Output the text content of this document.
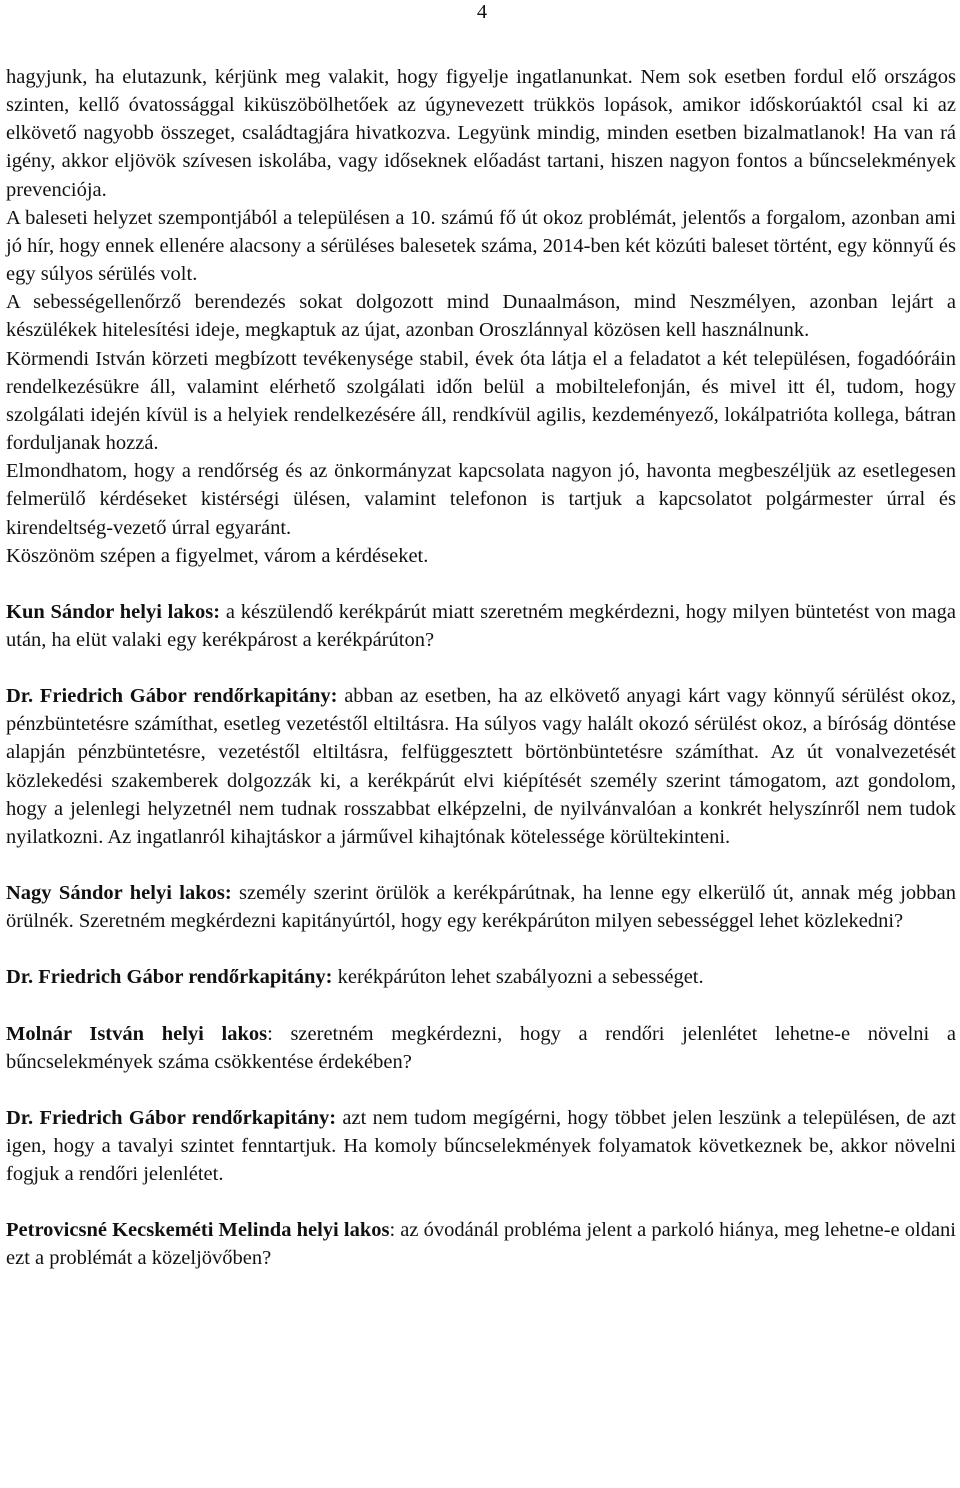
4

hagyjunk, ha elutazunk, kérjünk meg valakit, hogy figyelje ingatlanunkat. Nem sok esetben fordul elő országos szinten, kellő óvatossággal kiküszöbölhetőek az úgynevezett trükkös lopások, amikor időskorúaktól csal ki az elkövető nagyobb összeget, családtagjára hivatkozva. Legyünk mindig, minden esetben bizalmatlanok! Ha van rá igény, akkor eljövök szívesen iskolába, vagy időseknek előadást tartani, hiszen nagyon fontos a bűncselekmények prevenciója.

A baleseti helyzet szempontjából a településen a 10. számú fő út okoz problémát, jelentős a forgalom, azonban ami jó hír, hogy ennek ellenére alacsony a sérüléses balesetek száma, 2014-ben két közúti baleset történt, egy könnyű és egy súlyos sérülés volt.

A sebességellenőrző berendezés sokat dolgozott mind Dunaalmáson, mind Neszmélyen, azonban lejárt a készülékek hitelesítési ideje, megkaptuk az újat, azonban Oroszlánnyal közösen kell használnunk.

Körmendi István körzeti megbízott tevékenysége stabil, évek óta látja el a feladatot a két településen, fogadóóráin rendelkezésükre áll, valamint elérhető szolgálati időn belül a mobiltelefonján, és mivel itt él, tudom, hogy szolgálati idején kívül is a helyiek rendelkezésére áll, rendkívül agilis, kezdeményező, lokálpatrióta kollega, bátran forduljanak hozzá.

Elmondhatom, hogy a rendőrség és az önkormányzat kapcsolata nagyon jó, havonta megbeszéljük az esetlegesen felmerülő kérdéseket kistérségi ülésen, valamint telefonon is tartjuk a kapcsolatot polgármester úrral és kirendeltség-vezető úrral egyaránt.

Köszönöm szépen a figyelmet, várom a kérdéseket.

Kun Sándor helyi lakos: a készülendő kerékpárút miatt szeretném megkérdezni, hogy milyen büntetést von maga után, ha elüt valaki egy kerékpárost a kerékpárúton?

Dr. Friedrich Gábor rendőrkapitány: abban az esetben, ha az elkövető anyagi kárt vagy könnyű sérülést okoz, pénzbüntetésre számíthat, esetleg vezetéstől eltiltásra. Ha súlyos vagy halált okozó sérülést okoz, a bíróság döntése alapján pénzbüntetésre, vezetéstől eltiltásra, felfüggesztett börtönbüntetésre számíthat. Az út vonalvezetését közlekedési szakemberek dolgozzák ki, a kerékpárút elvi kiépítését személy szerint támogatom, azt gondolom, hogy a jelenlegi helyzetnél nem tudnak rosszabbat elképzelni, de nyilvánvalóan a konkrét helyszínről nem tudok nyilatkozni. Az ingatlanról kihajtáskor a járművel kihajtónak kötelessége körültekinteni.

Nagy Sándor helyi lakos: személy szerint örülök a kerékpárútnak, ha lenne egy elkerülő út, annak még jobban örülnék. Szeretném megkérdezni kapitányúrtól, hogy egy kerékpárúton milyen sebességgel lehet közlekedni?

Dr. Friedrich Gábor rendőrkapitány: kerékpárúton lehet szabályozni a sebességet.

Molnár István helyi lakos: szeretném megkérdezni, hogy a rendőri jelenlétet lehetne-e növelni a bűncselekmények száma csökkentése érdekében?

Dr. Friedrich Gábor rendőrkapitány: azt nem tudom megígérni, hogy többet jelen leszünk a településen, de azt igen, hogy a tavalyi szintet fenntartjuk. Ha komoly bűncselekmények folyamatok következnek be, akkor növelni fogjuk a rendőri jelenlétet.

Petrovicsné Kecskeméti Melinda helyi lakos: az óvodánál probléma jelent a parkoló hiánya, meg lehetne-e oldani ezt a problémát a közeljövőben?
